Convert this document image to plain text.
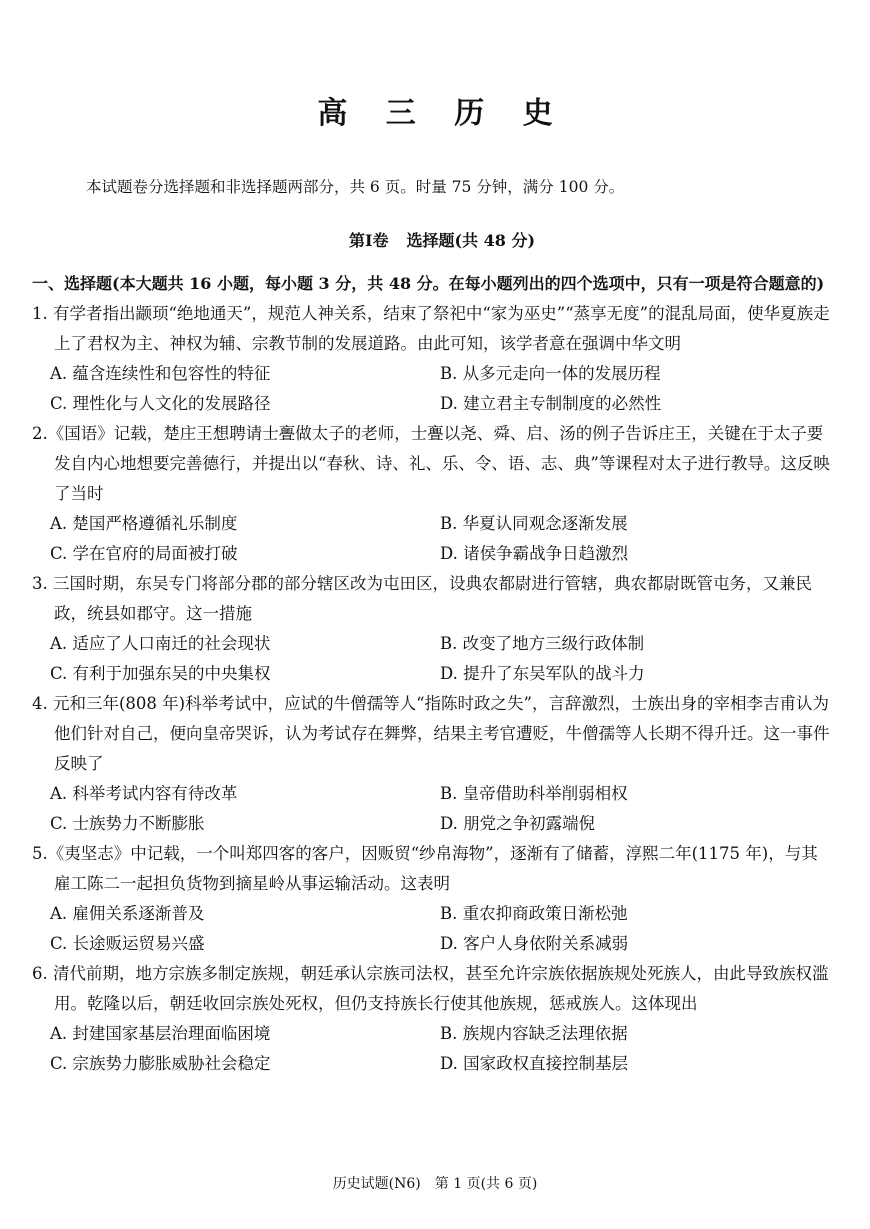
高 三 历 史
本试题卷分选择题和非选择题两部分，共 6 页。时量 75 分钟，满分 100 分。
第Ⅰ卷 选择题(共 48 分)
一、选择题(本大题共 16 小题，每小题 3 分，共 48 分。在每小题列出的四个选项中，只有一项是符合题意的)
1. 有学者指出颛顼“绝地通天”，规范人神关系，结束了祭祀中“家为巫史”“蒸享无度”的混乱局面，使华夏族走上了君权为主、神权为辅、宗教节制的发展道路。由此可知，该学者意在强调中华文明
A. 蕴含连续性和包容性的特征	B. 从多元走向一体的发展历程
C. 理性化与人文化的发展路径	D. 建立君主专制制度的必然性
2.《国语》记载，楚庄王想聘请士亹做太子的老师，士亹以尧、舜、启、汤的例子告诉庄王，关键在于太子要发自内心地想要完善德行，并提出以“春秋、诗、礼、乐、令、语、志、典”等课程对太子进行教导。这反映了当时
A. 楚国严格遵循礼乐制度	B. 华夏认同观念逐渐发展
C. 学在官府的局面被打破	D. 诸侯争霸战争日趋激烈
3. 三国时期，东吴专门将部分郡的部分辖区改为屯田区，设典农都尉进行管辖，典农都尉既管屯务，又兼民政，统县如郡守。这一措施
A. 适应了人口南迁的社会现状	B. 改变了地方三级行政体制
C. 有利于加强东吴的中央集权	D. 提升了东吴军队的战斗力
4. 元和三年(808 年)科举考试中，应试的牛僧孺等人“指陈时政之失”，言辞激烈，士族出身的宰相李吉甫认为他们针对自己，便向皇帝哭诉，认为考试存在舞弊，结果主考官遭贬，牛僧孺等人长期不得升迁。这一事件反映了
A. 科举考试内容有待改革	B. 皇帝借助科举削弱相权
C. 士族势力不断膨胀	D. 朋党之争初露端倪
5.《夷坚志》中记载，一个叫郑四客的客户，因贩贸“纱帛海物”，逐渐有了储蓄，淳熙二年(1175 年)，与其雇工陈二一起担负货物到摘星岭从事运输活动。这表明
A. 雇佣关系逐渐普及	B. 重农抑商政策日渐松弛
C. 长途贩运贸易兴盛	D. 客户人身依附关系减弱
6. 清代前期，地方宗族多制定族规，朝廷承认宗族司法权，甚至允许宗族依据族规处死族人，由此导致族权滥用。乾隆以后，朝廷收回宗族处死权，但仍支持族长行使其他族规，惩戒族人。这体现出
A. 封建国家基层治理面临困境	B. 族规内容缺乏法理依据
C. 宗族势力膨胀威胁社会稳定	D. 国家政权直接控制基层
历史试题(N6)　第 1 页(共 6 页)
